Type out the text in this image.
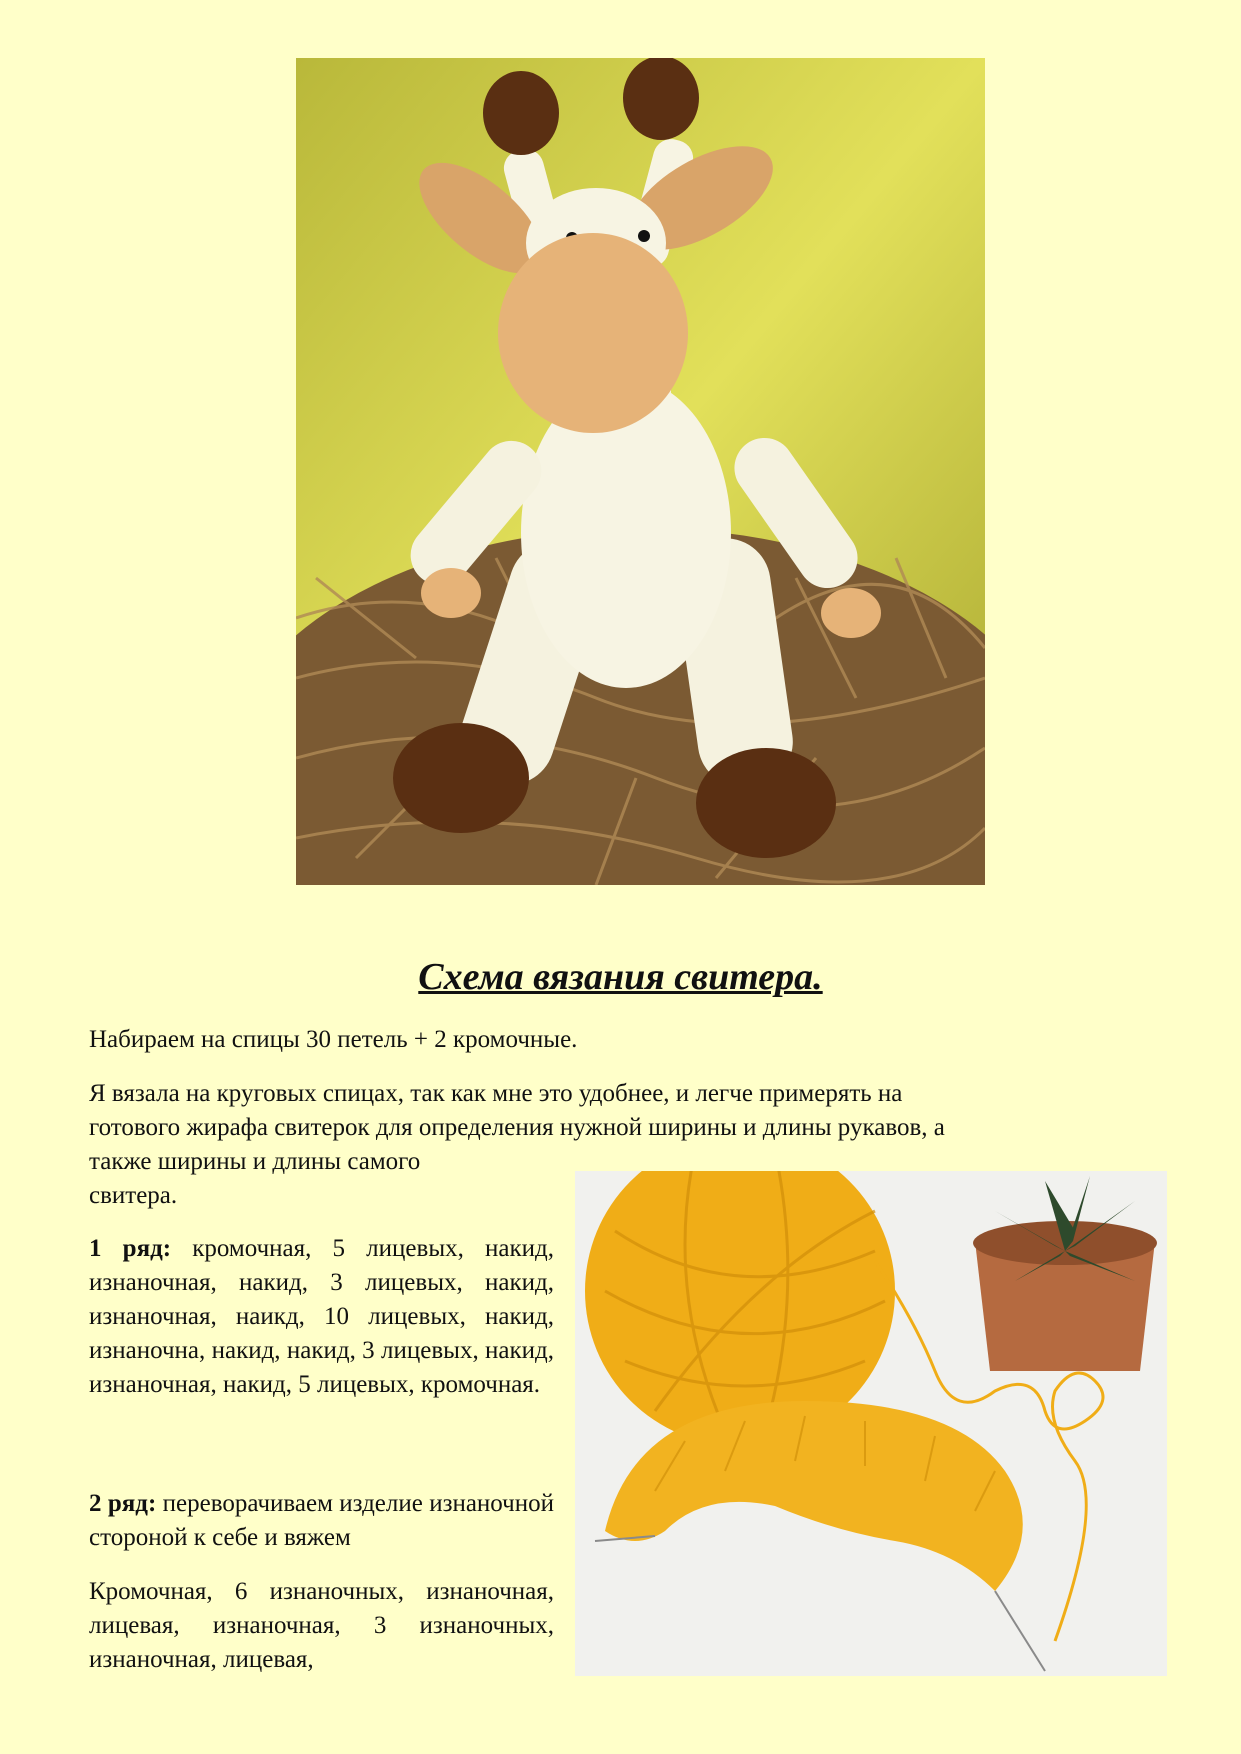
Схема вязания свитера.

Набираем на спицы 30 петель + 2 кромочные.

Я вязала на круговых спицах, так как мне это удобнее, и легче примерять на

готового жирафа свитерок для определения нужной ширины и длины рукавов, а

также ширины и длины самого

свитера.

1 ряд: кромочная, 5 лицевых, накид, изнаночная, накид, 3 лицевых, накид, изнаночная, наикд, 10 лицевых, накид, изнаночна, накид, накид, 3 лицевых, накид, изнаночная, накид, 5 лицевых, кромочная.

2 ряд: переворачиваем изделие изнаночной стороной к себе и вяжем

Кромочная, 6 изнаночных, изнаночная, лицевая, изнаночная, 3 изнаночных, изнаночная, лицевая,
